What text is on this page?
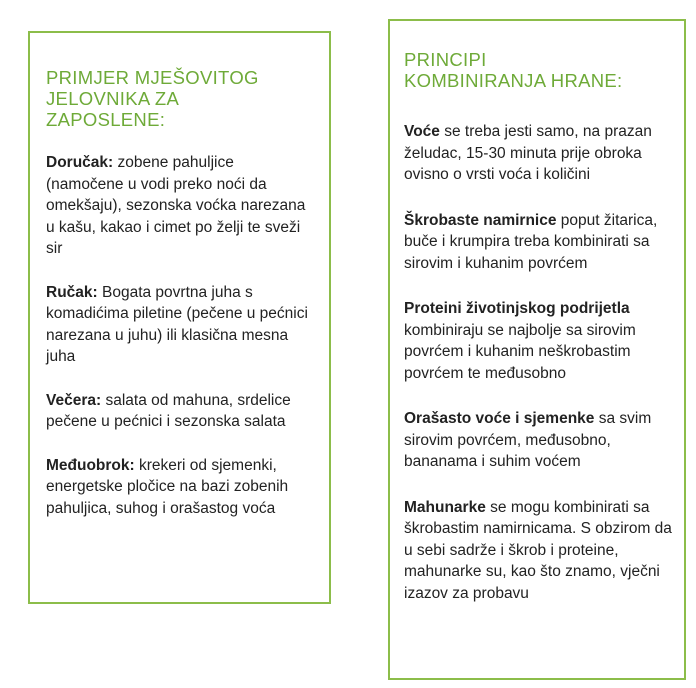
PRIMJER MJEŠOVITOG
JELOVNIKA ZA
ZAPOSLENE:

Doručak: zobene pahuljice (namočene u vodi preko noći da omekšaju), sezonska voćka narezana u kašu, kakao i cimet po želji te sveži sir

Ručak: Bogata povrtna juha s komadićima piletine (pečene u pećnici narezana u juhu) ili klasična mesna juha

Večera: salata od mahuna, srdelice pečene u pećnici i sezonska salata

Međuobrok: krekeri od sjemenki, energetske pločice na bazi zobenih pahuljica, suhog i orašastog voća

PRINCIPI
KOMBINIRANJA HRANE:

Voće se treba jesti samo, na prazan želudac, 15-30 minuta prije obroka ovisno o vrsti voća i količini

Škrobaste namirnice poput žitarica, buče i krumpira treba kombinirati sa sirovim i kuhanim povrćem

Proteini životinjskog podrijetla kombiniraju se najbolje sa sirovim povrćem i kuhanim neškrobastim povrćem te međusobno

Orašasto voće i sjemenke sa svim sirovim povrćem, međusobno, bananama i suhim voćem

Mahunarke se mogu kombinirati sa škrobastim namirnicama. S obzirom da u sebi sadrže i škrob i proteine, mahunarke su, kao što znamo, vječni izazov za probavu
